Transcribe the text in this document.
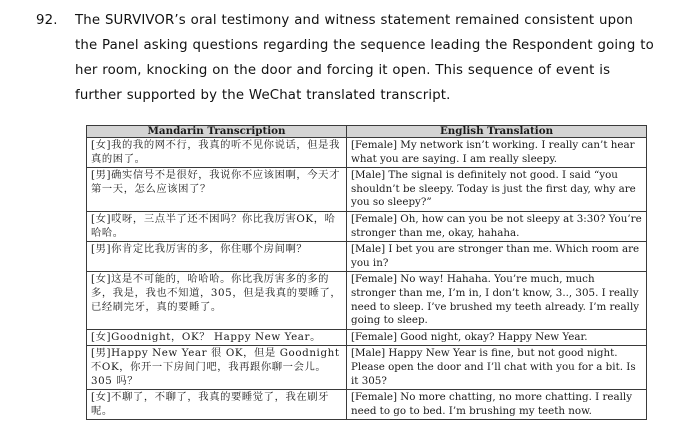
92. The SURVIVOR’s oral testimony and witness statement remained consistent upon
the Panel asking questions regarding the sequence leading the Respondent going to
her room, knocking on the door and forcing it open. This sequence of event is
further supported by the WeChat translated transcript.
Mandarin Transcription	English Translation
[女]我的我的网不行，我真的听不见你说话，但是我真的困了。	[Female] My network isn’t working. I really can’t hear what you are saying. I am really sleepy.
[男]确实信号不是很好，我说你不应该困啊，今天才第一天，怎么应该困了？	[Male] The signal is definitely not good. I said “you shouldn’t be sleepy. Today is just the first day, why are you so sleepy?”
[女]哎呀，三点半了还不困吗？你比我厉害OK，哈哈哈。	[Female] Oh, how can you be not sleepy at 3:30? You’re stronger than me, okay, hahaha.
[男]你肯定比我厉害的多，你住哪个房间啊？	[Male] I bet you are stronger than me. Which room are you in?
[女]这是不可能的，哈哈哈。你比我厉害多的多的多，我是，我也不知道，305，但是我真的要睡了，已经刷完牙，真的要睡了。	[Female] No way! Hahaha. You’re much, much stronger than me, I’m in, I don’t know, 3.., 305. I really need to sleep. I’ve brushed my teeth already. I’m really going to sleep.
[女]Goodnight，OK？ Happy New Year。	[Female] Good night, okay? Happy New Year.
[男]Happy New Year 很 OK，但是 Goodnight 不OK，你开一下房间门吧，我再跟你聊一会儿。305 吗？	[Male] Happy New Year is fine, but not good night. Please open the door and I’ll chat with you for a bit. Is it 305?
[女]不聊了，不聊了，我真的要睡觉了，我在刷牙呢。	[Female] No more chatting, no more chatting. I really need to go to bed. I’m brushing my teeth now.
